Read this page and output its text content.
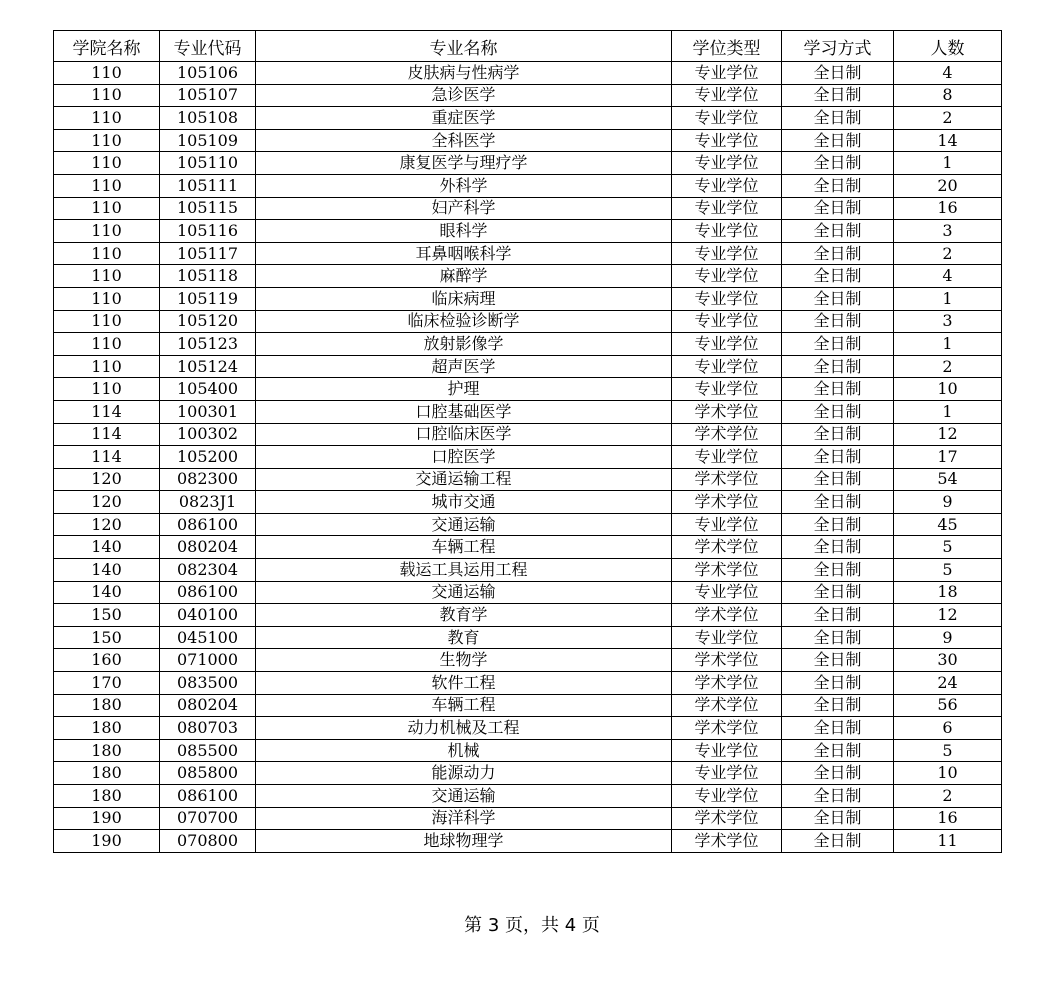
学院名称	专业代码	专业名称	学位类型	学习方式	人数
110	105106	皮肤病与性病学	专业学位	全日制	4
110	105107	急诊医学	专业学位	全日制	8
110	105108	重症医学	专业学位	全日制	2
110	105109	全科医学	专业学位	全日制	14
110	105110	康复医学与理疗学	专业学位	全日制	1
110	105111	外科学	专业学位	全日制	20
110	105115	妇产科学	专业学位	全日制	16
110	105116	眼科学	专业学位	全日制	3
110	105117	耳鼻咽喉科学	专业学位	全日制	2
110	105118	麻醉学	专业学位	全日制	4
110	105119	临床病理	专业学位	全日制	1
110	105120	临床检验诊断学	专业学位	全日制	3
110	105123	放射影像学	专业学位	全日制	1
110	105124	超声医学	专业学位	全日制	2
110	105400	护理	专业学位	全日制	10
114	100301	口腔基础医学	学术学位	全日制	1
114	100302	口腔临床医学	学术学位	全日制	12
114	105200	口腔医学	专业学位	全日制	17
120	082300	交通运输工程	学术学位	全日制	54
120	0823J1	城市交通	学术学位	全日制	9
120	086100	交通运输	专业学位	全日制	45
140	080204	车辆工程	学术学位	全日制	5
140	082304	载运工具运用工程	学术学位	全日制	5
140	086100	交通运输	专业学位	全日制	18
150	040100	教育学	学术学位	全日制	12
150	045100	教育	专业学位	全日制	9
160	071000	生物学	学术学位	全日制	30
170	083500	软件工程	学术学位	全日制	24
180	080204	车辆工程	学术学位	全日制	56
180	080703	动力机械及工程	学术学位	全日制	6
180	085500	机械	专业学位	全日制	5
180	085800	能源动力	专业学位	全日制	10
180	086100	交通运输	专业学位	全日制	2
190	070700	海洋科学	学术学位	全日制	16
190	070800	地球物理学	学术学位	全日制	11
第 3 页，共 4 页
